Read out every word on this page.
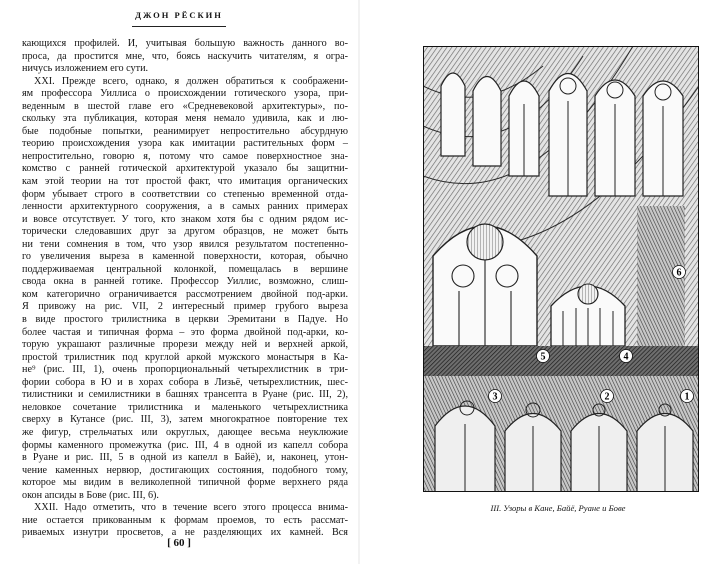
ДЖОН РЁСКИН
кающихся профилей. И, учитывая большую важность данного во-
проса, да простится мне, что, боясь наскучить читателям, я огра-
ничусь изложением его сути.
XXI. Прежде всего, однако, я должен обратиться к соображени-
ям профессора Уиллиса о происхождении готического узора, при-
веденным в шестой главе его «Средневековой архитектуры», по-
скольку эта публикация, которая меня немало удивила, как и лю-
бые подобные попытки, реанимирует непростительно абсурдную
теорию происхождения узора как имитации растительных форм –
непростительно, говорю я, потому что самое поверхностное зна-
комство с ранней готической архитектурой указало бы защитни-
кам этой теории на тот простой факт, что имитация органических
форм убывает строго в соответствии со степенью временной отда-
ленности архитектурного сооружения, а в самых ранних примерах
и вовсе отсутствует. У того, кто знаком хотя бы с одним рядом ис-
торически следовавших друг за другом образцов, не может быть
ни тени сомнения в том, что узор явился результатом постепенно-
го увеличения выреза в каменной поверхности, которая, обычно
поддерживаемая центральной колонкой, помещалась в вершине
свода окна в ранней готике. Профессор Уиллис, возможно, слиш-
ком категорично ограничивается рассмотрением двойной под-арки.
Я привожу на рис. VII, 2 интересный пример грубого выреза
в виде простого трилистника в церкви Эремитани в Падуе. Но
более частая и типичная форма – это форма двойной под-арки, ко-
торую украшают различные прорези между ней и верхней аркой,
простой трилистник под круглой аркой мужского монастыря в Ка-
не⁹ (рис. III, 1), очень пропорциональный четырехлистник в три-
фории собора в Ю и в хорах собора в Лизьё, четырехлистник, шес-
тилистники и семилистники в башнях трансепта в Руане (рис. III, 2),
неловкое сочетание трилистника и маленького четырехлистника
сверху в Кутансе (рис. III, 3), затем многократное повторение тех
же фигур, стрельчатых или округлых, дающее весьма неуклюжие
формы каменного промежутка (рис. III, 4 в одной из капелл собора
в Руане и рис. III, 5 в одной из капелл в Байё), и, наконец, утон-
чение каменных нервюр, достигающих состояния, подобного тому,
которое мы видим в великолепной типичной форме верхнего ряда
окон апсиды в Бове (рис. III, 6).
XXII. Надо отметить, что в течение всего этого процесса внима-
ние остается прикованным к формам проемов, то есть рассмат-
риваемых изнутри просветов, а не разделяющих их камней. Вся
[ 60 ]
1
2
3
4
5
6
III. Узоры в Кане, Байё, Руане и Бове
